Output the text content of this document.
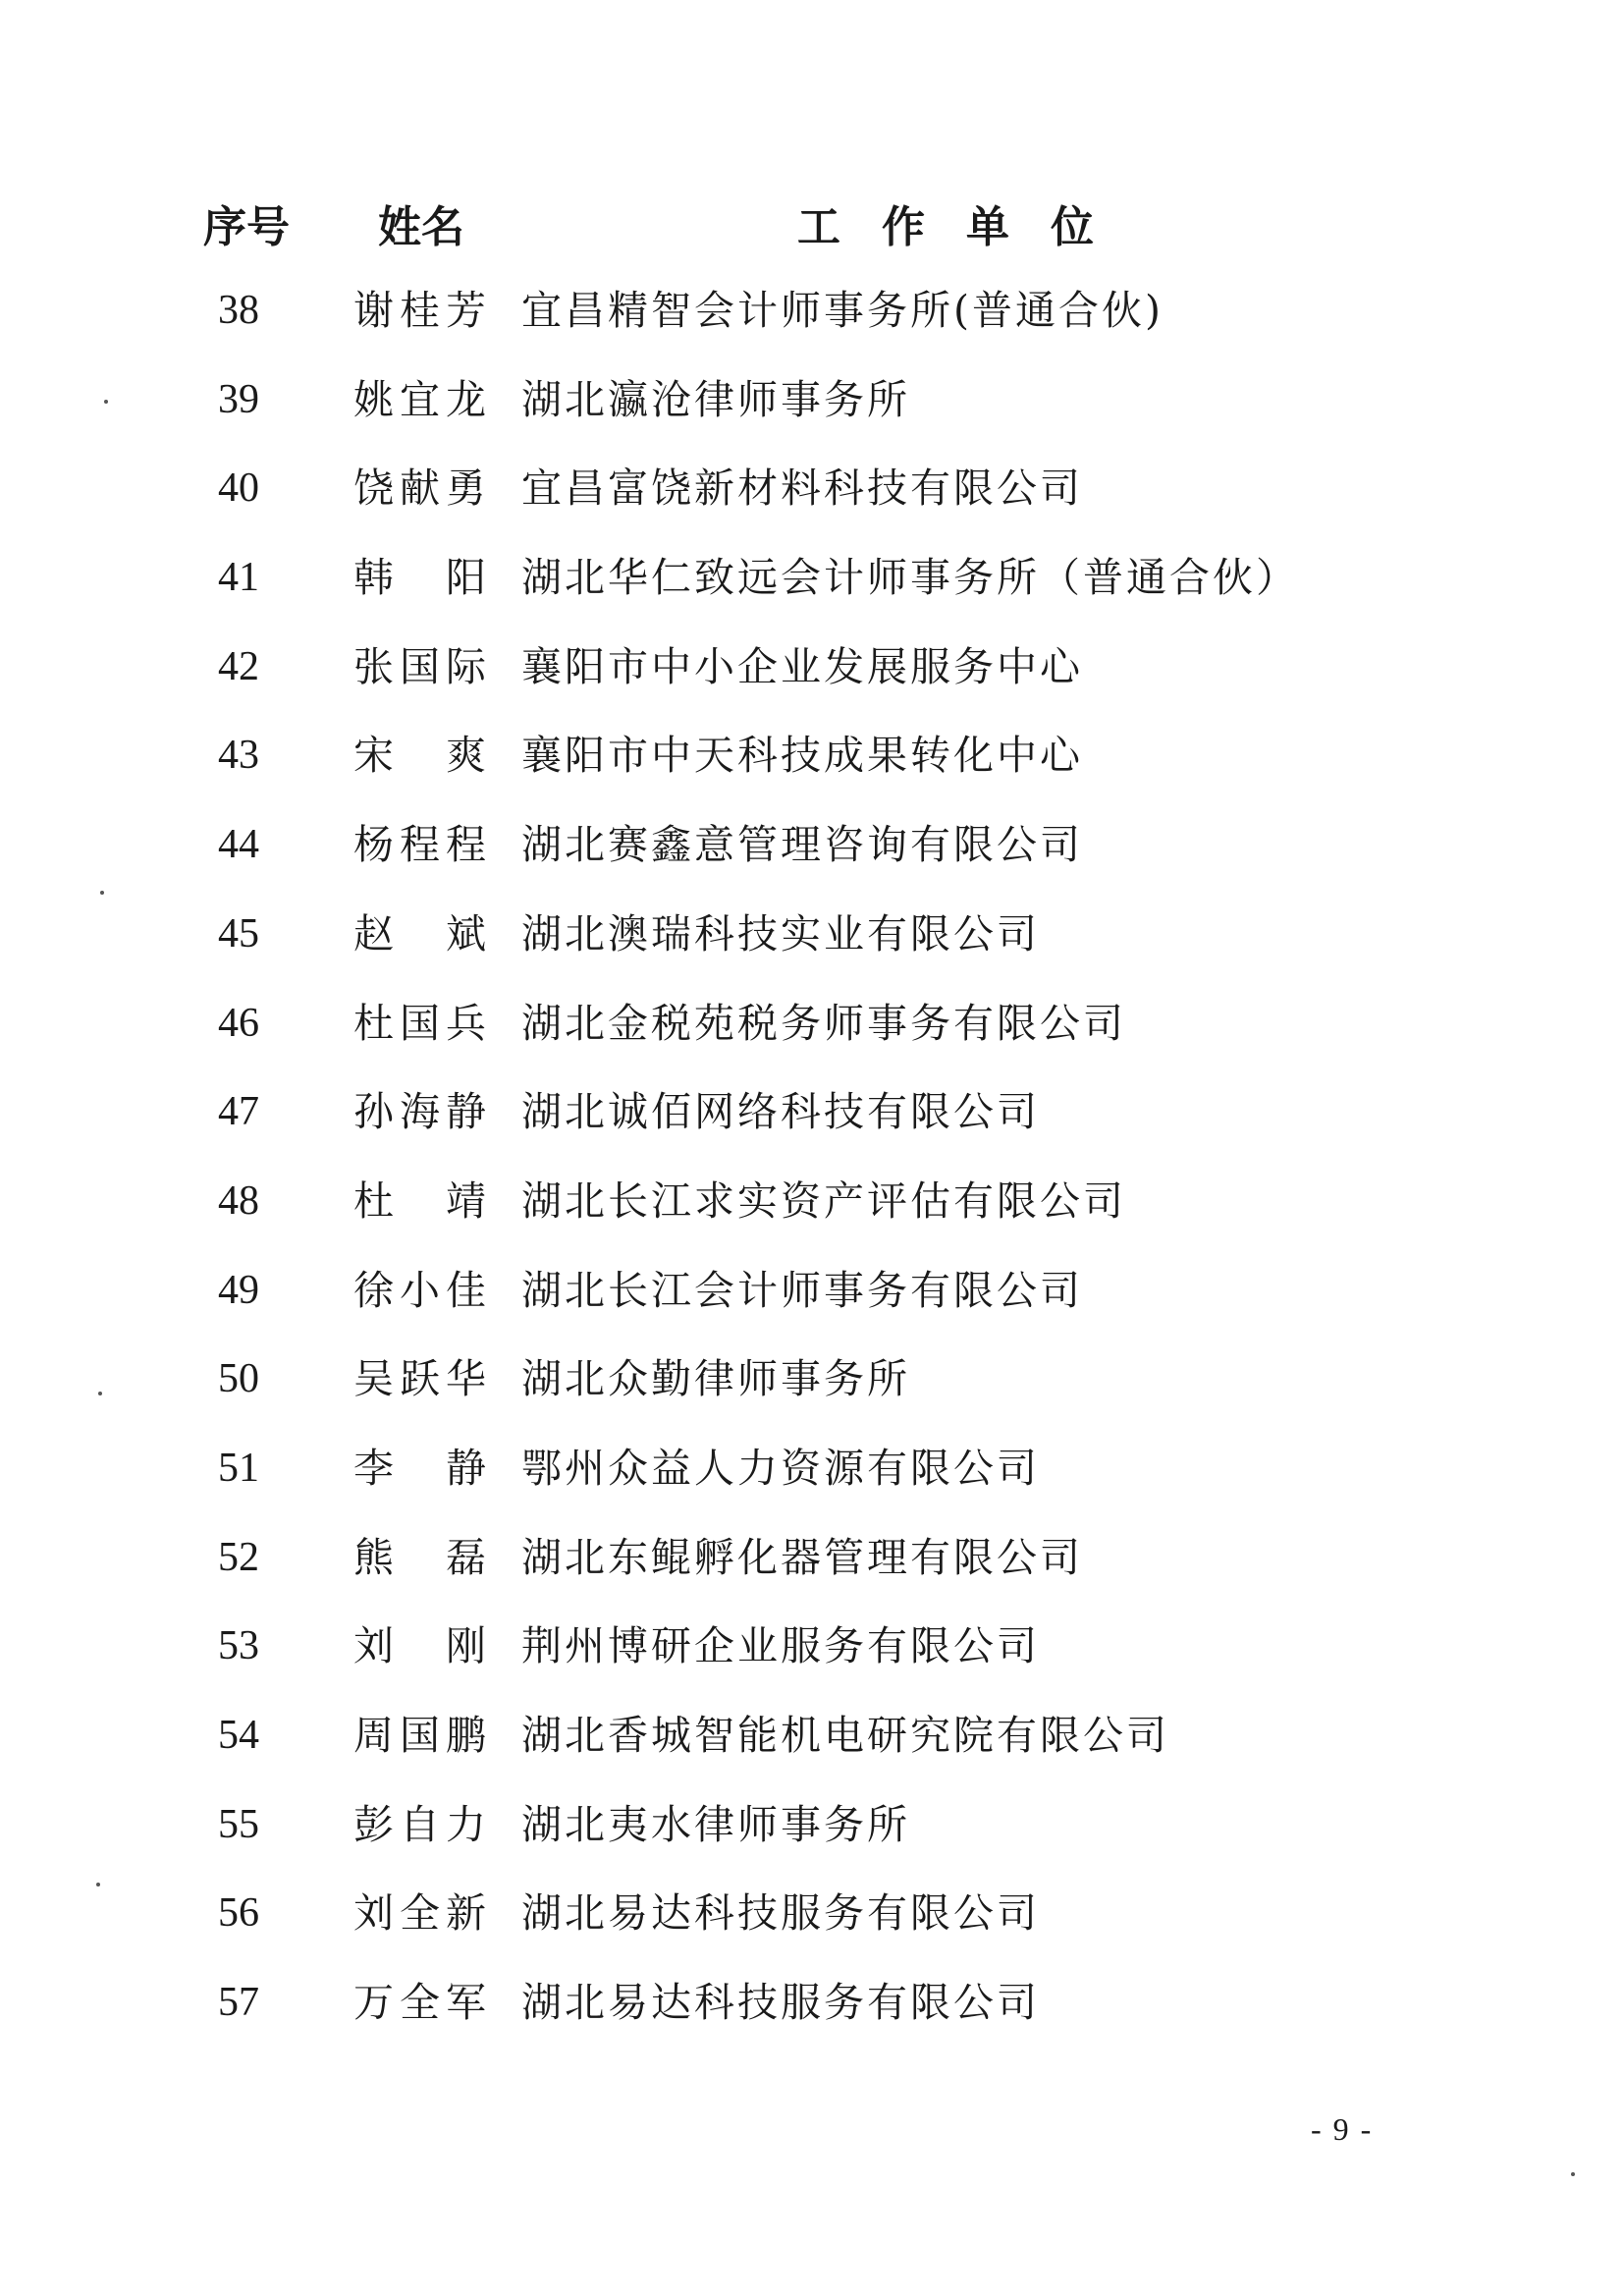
序号 姓名	工作单位
38	谢桂芳 宜昌精智会计师事务所(普通合伙)
39	姚宜龙 湖北瀛沧律师事务所
40	饶献勇 宜昌富饶新材料科技有限公司
41	韩阳 湖北华仁致远会计师事务所（普通合伙）
42	张国际 襄阳市中小企业发展服务中心
43	宋爽 襄阳市中天科技成果转化中心
44	杨程程 湖北赛鑫意管理咨询有限公司
45	赵斌 湖北澳瑞科技实业有限公司
46	杜国兵 湖北金税苑税务师事务有限公司
47	孙海静 湖北诚佰网络科技有限公司
48	杜靖 湖北长江求实资产评估有限公司
49	徐小佳 湖北长江会计师事务有限公司
50	吴跃华 湖北众勤律师事务所
51	李静 鄂州众益人力资源有限公司
52	熊磊 湖北东鲲孵化器管理有限公司
53	刘刚 荆州博研企业服务有限公司
54	周国鹏 湖北香城智能机电研究院有限公司
55	彭自力 湖北夷水律师事务所
56	刘全新 湖北易达科技服务有限公司
57	万全军 湖北易达科技服务有限公司
- 9 -
